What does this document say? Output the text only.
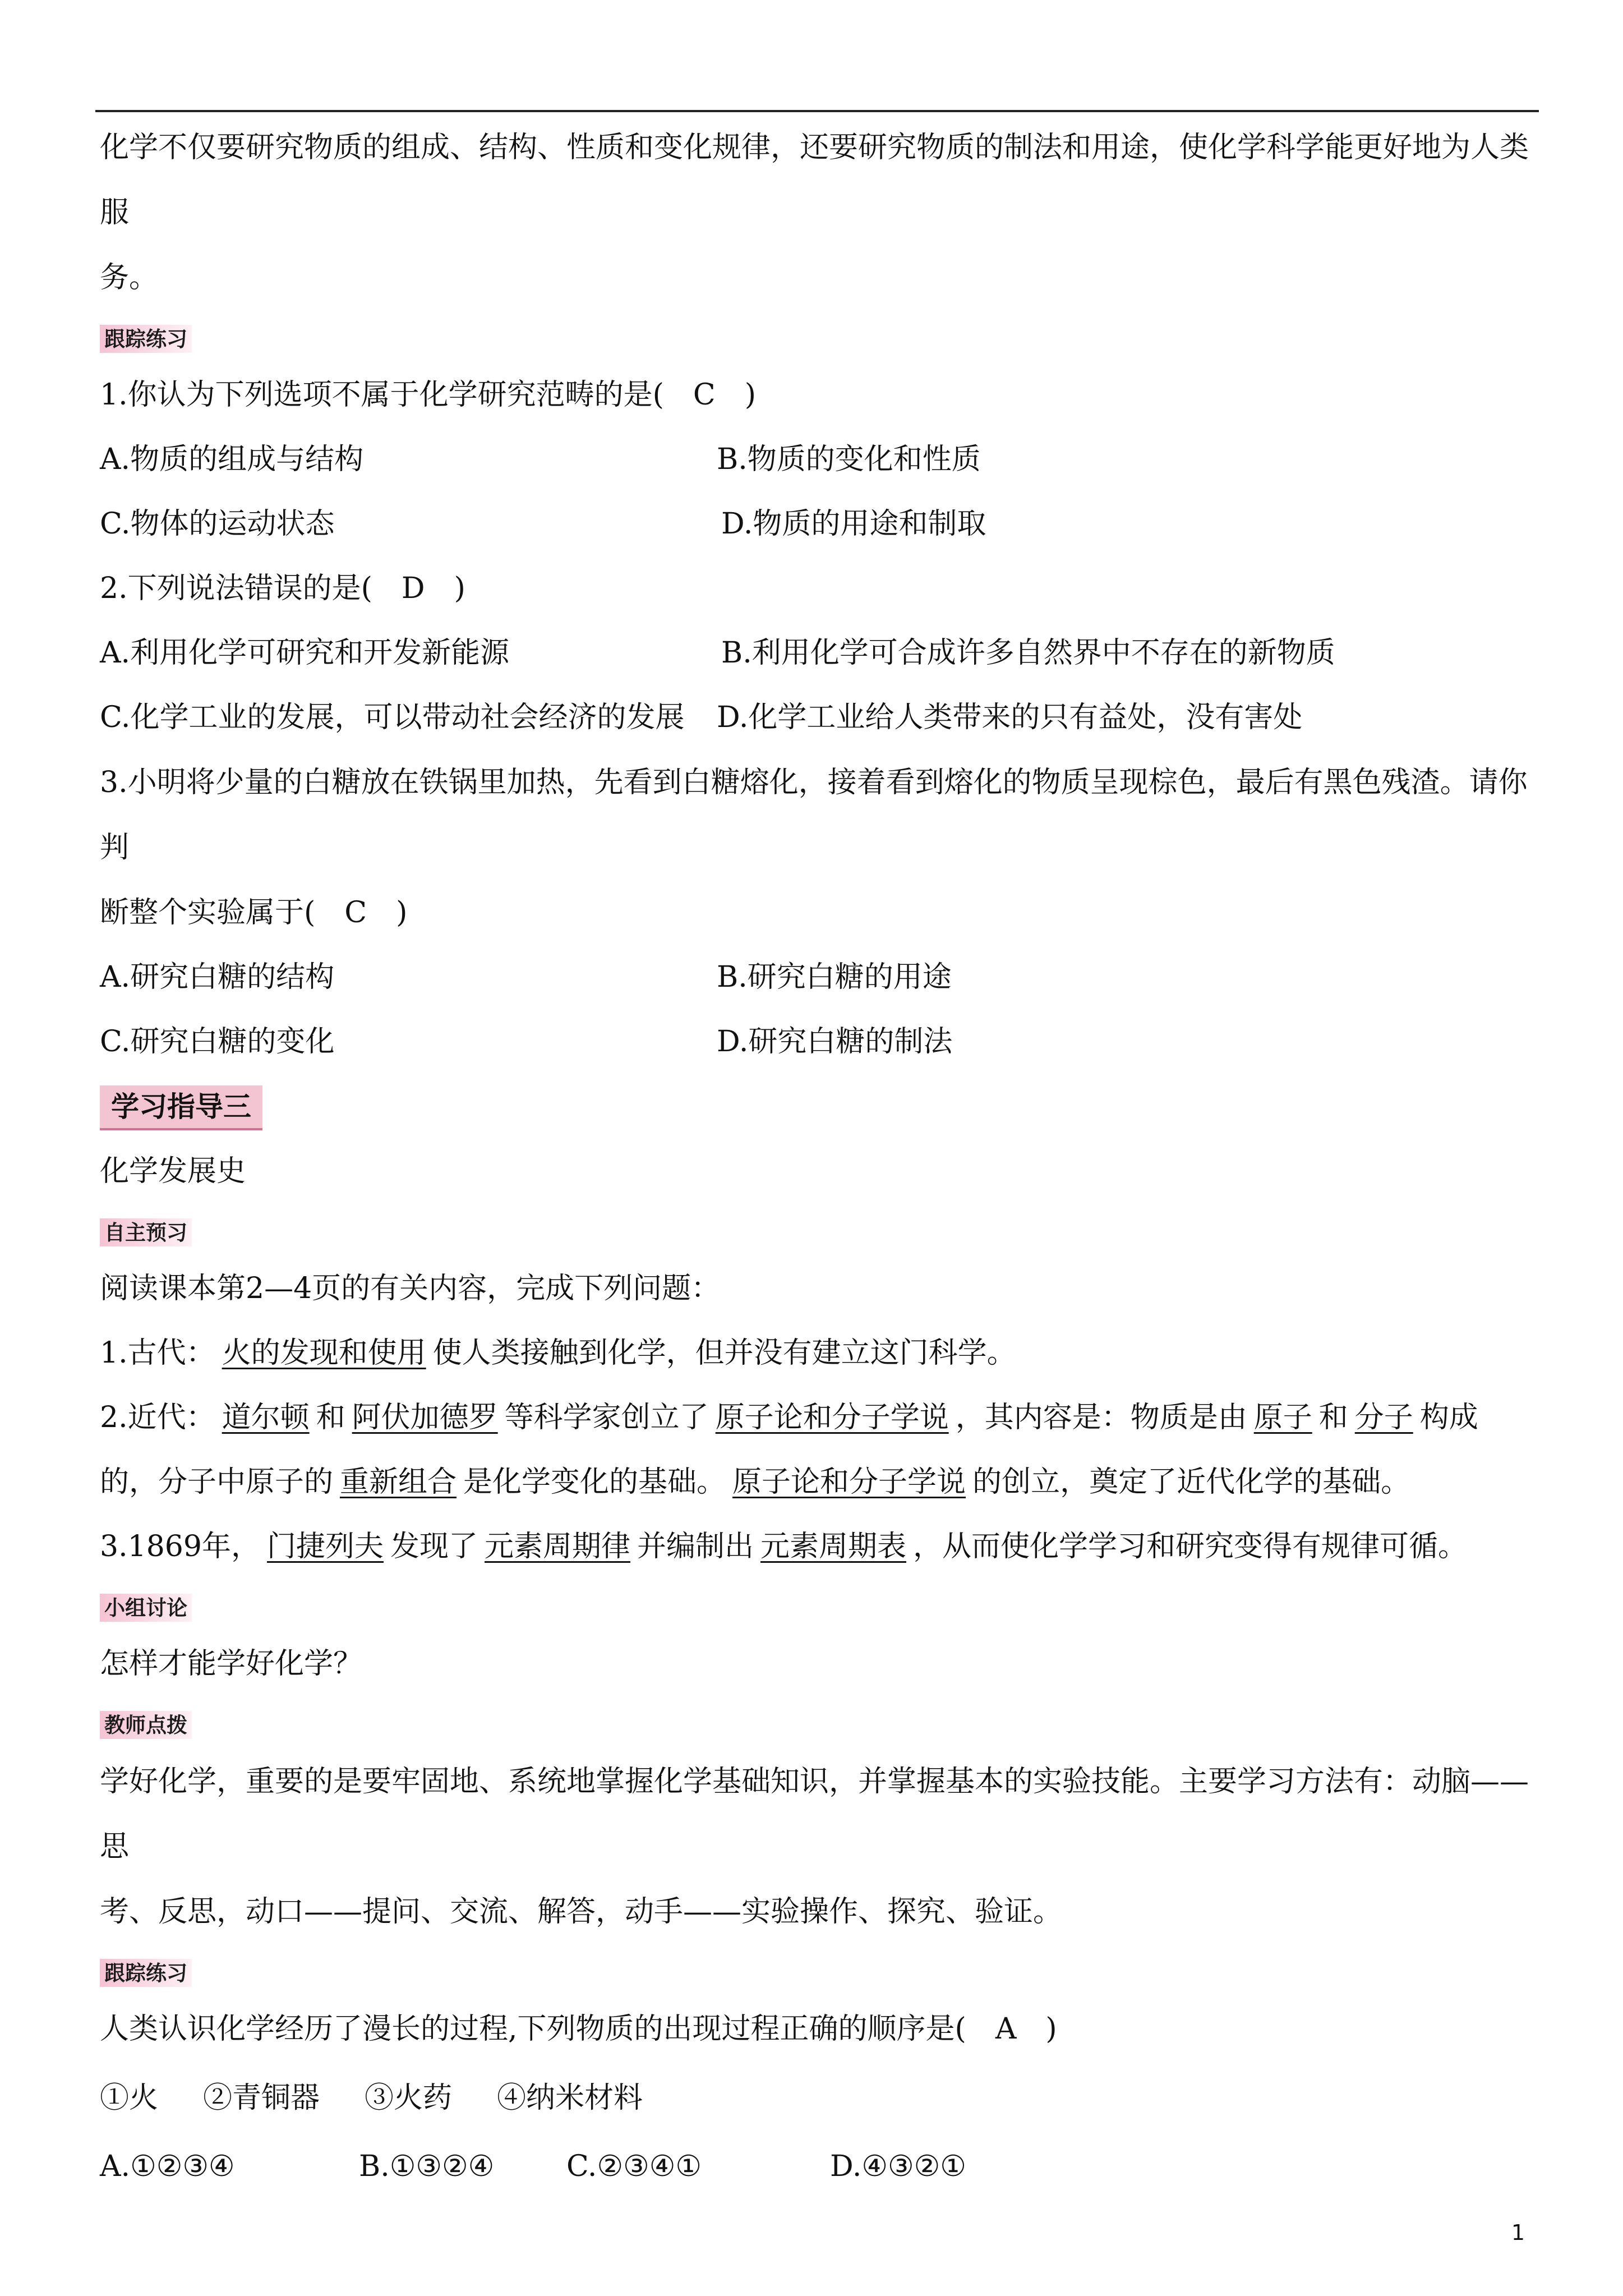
化学不仅要研究物质的组成、结构、性质和变化规律，还要研究物质的制法和用途，使化学科学能更好地为人类服
务。

跟踪练习
1.你认为下列选项不属于化学研究范畴的是(　C　)
A.物质的组成与结构	B.物质的变化和性质
C.物体的运动状态	D.物质的用途和制取
2.下列说法错误的是(　D　)
A.利用化学可研究和开发新能源	B.利用化学可合成许多自然界中不存在的新物质
C.化学工业的发展，可以带动社会经济的发展 D.化学工业给人类带来的只有益处，没有害处

3.小明将少量的白糖放在铁锅里加热，先看到白糖熔化，接着看到熔化的物质呈现棕色，最后有黑色残渣。请你判
断整个实验属于(　C　)

A.研究白糖的结构	B.研究白糖的用途
C.研究白糖的变化	D.研究白糖的制法
学习指导三
化学发展史
自主预习
阅读课本第2—4页的有关内容，完成下列问题：
1.古代： 火的发现和使用 使人类接触到化学，但并没有建立这门科学。
2.近代： 道尔顿 和 阿伏加德罗 等科学家创立了 原子论和分子学说 ，其内容是：物质是由 原子 和 分子 构成
的，分子中原子的 重新组合 是化学变化的基础。 原子论和分子学说 的创立，奠定了近代化学的基础。
3.1869年， 门捷列夫 发现了 元素周期律 并编制出 元素周期表 ，从而使化学学习和研究变得有规律可循。
小组讨论
怎样才能学好化学？
教师点拨

学好化学，重要的是要牢固地、系统地掌握化学基础知识，并掌握基本的实验技能。主要学习方法有：动脑——思
考、反思，动口——提问、交流、解答，动手——实验操作、探究、验证。

跟踪练习
人类认识化学经历了漫长的过程,下列物质的出现过程正确的顺序是(　A　)
①火 ②青铜器 ③火药 ④纳米材料
A.①②③④	B.①③②④ C.②③④①	D.④③②①
1
